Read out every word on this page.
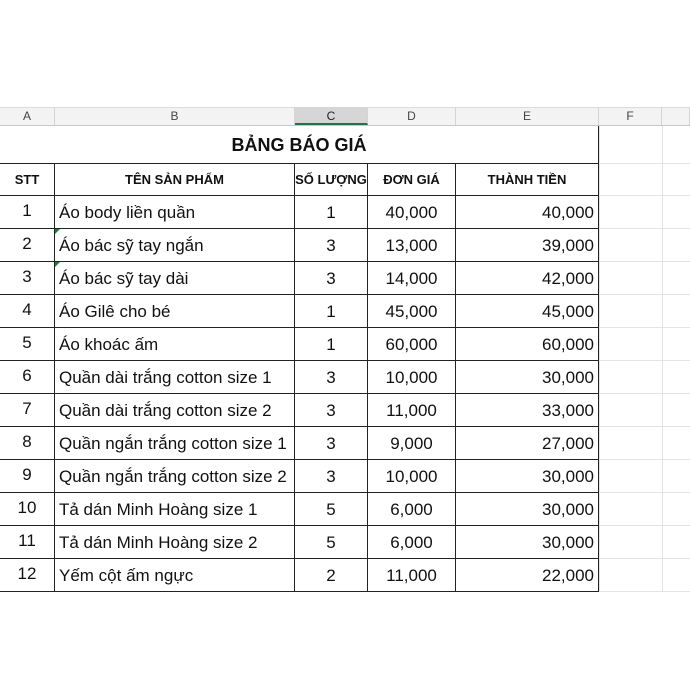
A	B	C	D	E	F
BẢNG BÁO GIÁ
STT	TÊN SẢN PHẨM	SỐ LƯỢNG	ĐƠN GIÁ	THÀNH TIỀN
1	Áo body liền quần	1	40,000	40,000
2	Áo bác sỹ tay ngắn	3	13,000	39,000
3	Áo bác sỹ tay dài	3	14,000	42,000
4	Áo Gilê cho bé	1	45,000	45,000
5	Áo khoác ấm	1	60,000	60,000
6	Quần dài trắng cotton size 1	3	10,000	30,000
7	Quần dài trắng cotton size 2	3	11,000	33,000
8	Quần ngắn trắng cotton size 1	3	9,000	27,000
9	Quần ngắn trắng cotton size 2	3	10,000	30,000
10	Tả dán Minh Hoàng size 1	5	6,000	30,000
11	Tả dán Minh Hoàng size 2	5	6,000	30,000
12	Yếm cột ấm ngực	2	11,000	22,000
